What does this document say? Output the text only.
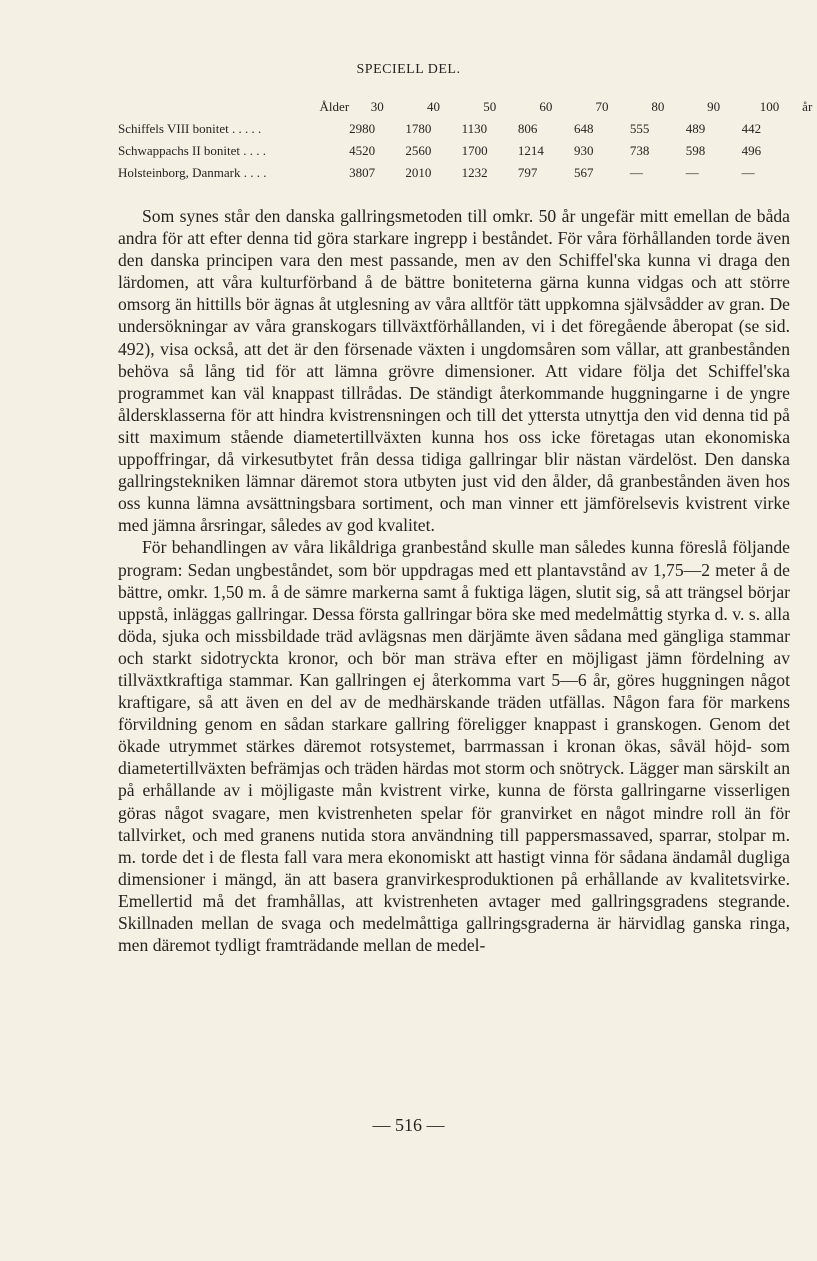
SPECIELL DEL.
Ålder	30	40	50	60	70	80	90	100	år
Schiffels VIII bonitet . . . . .	2980	1780	1130	806	648	555	489	442	
Schwappachs II bonitet . . . .	4520	2560	1700	1214	930	738	598	496	
Holsteinborg, Danmark . . . .	3807	2010	1232	797	567	—	—	—	

Som synes står den danska gallringsmetoden till omkr. 50 år ungefär mitt emellan de båda andra för att efter denna tid göra starkare ingrepp i beståndet. För våra förhållanden torde även den danska principen vara den mest passande, men av den Schiffel'ska kunna vi draga den lärdomen, att våra kulturförband å de bättre boniteterna gärna kunna vidgas och att större omsorg än hittills bör ägnas åt utglesning av våra alltför tätt uppkomna självsådder av gran. De undersökningar av våra granskogars tillväxtförhållanden, vi i det föregående åberopat (se sid. 492), visa också, att det är den försenade växten i ungdomsåren som vållar, att granbestånden behöva så lång tid för att lämna grövre dimensioner. Att vidare följa det Schiffel'ska programmet kan väl knappast tillrådas. De ständigt återkommande huggningarne i de yngre åldersklasserna för att hindra kvistrensningen och till det yttersta utnyttja den vid denna tid på sitt maximum stående diametertillväxten kunna hos oss icke företagas utan ekonomiska uppoffringar, då virkesutbytet från dessa tidiga gallringar blir nästan värdelöst. Den danska gallringstekniken lämnar däremot stora utbyten just vid den ålder, då granbestånden även hos oss kunna lämna avsättningsbara sortiment, och man vinner ett jämförelsevis kvistrent virke med jämna årsringar, således av god kvalitet.

För behandlingen av våra likåldriga granbestånd skulle man således kunna föreslå följande program: Sedan ungbeståndet, som bör uppdragas med ett plantavstånd av 1,75—2 meter å de bättre, omkr. 1,50 m. å de sämre markerna samt å fuktiga lägen, slutit sig, så att trängsel börjar uppstå, inläggas gallringar. Dessa första gallringar böra ske med medelmåttig styrka d. v. s. alla döda, sjuka och missbildade träd avlägsnas men därjämte även sådana med gängliga stammar och starkt sidotryckta kronor, och bör man sträva efter en möjligast jämn fördelning av tillväxtkraftiga stammar. Kan gallringen ej återkomma vart 5—6 år, göres huggningen något kraftigare, så att även en del av de medhärskande träden utfällas. Någon fara för markens förvildning genom en sådan starkare gallring föreligger knappast i granskogen. Genom det ökade utrymmet stärkes däremot rotsystemet, barrmassan i kronan ökas, såväl höjd- som diametertillväxten befrämjas och träden härdas mot storm och snötryck. Lägger man särskilt an på erhållande av i möjligaste mån kvistrent virke, kunna de första gallringarne visserligen göras något svagare, men kvistrenheten spelar för granvirket en något mindre roll än för tallvirket, och med granens nutida stora användning till pappersmassaved, sparrar, stolpar m. m. torde det i de flesta fall vara mera ekonomiskt att hastigt vinna för sådana ändamål dugliga dimensioner i mängd, än att basera granvirkesproduktionen på erhållande av kvalitetsvirke. Emellertid må det framhållas, att kvistrenheten avtager med gallringsgradens stegrande. Skillnaden mellan de svaga och medelmåttiga gallringsgraderna är härvidlag ganska ringa, men däremot tydligt framträdande mellan de medel-

— 516 —
